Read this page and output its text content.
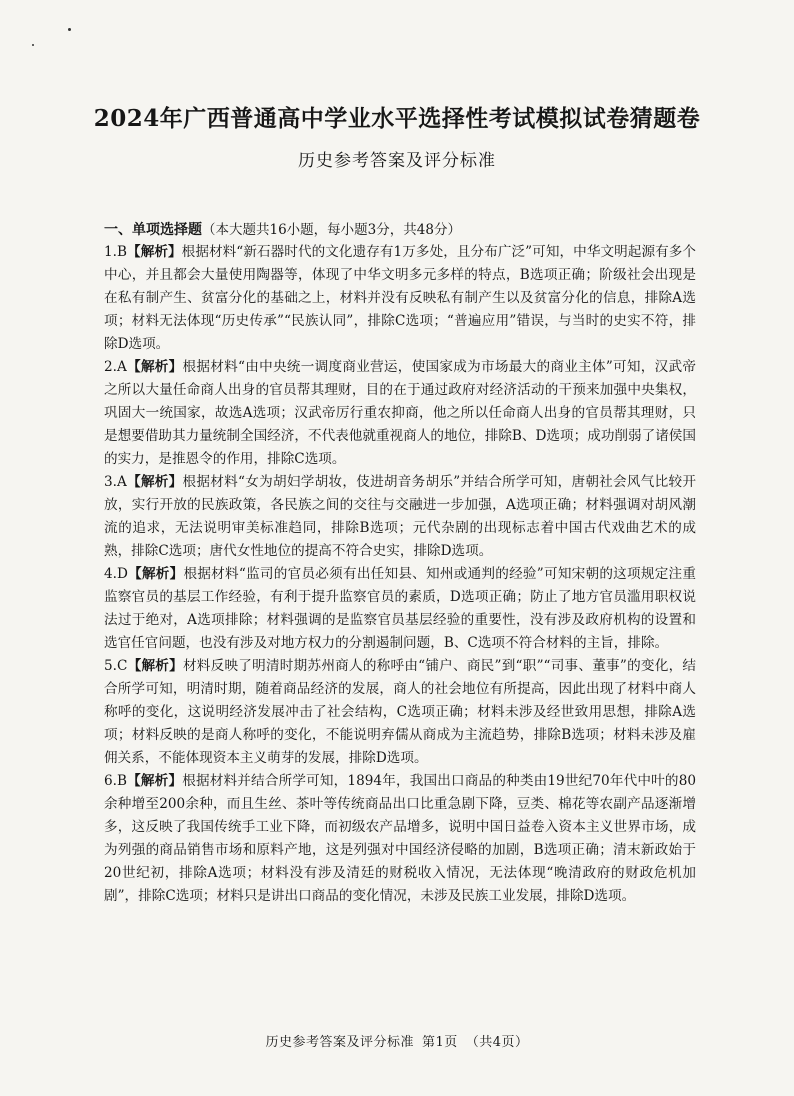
2024年广西普通高中学业水平选择性考试模拟试卷猜题卷
历史参考答案及评分标准
一、单项选择题（本大题共16小题，每小题3分，共48分）

1.B【解析】根据材料“新石器时代的文化遗存有1万多处，且分布广泛”可知，中华文明起源有多个中心，并且都会大量使用陶器等，体现了中华文明多元多样的特点，B选项正确；阶级社会出现是在私有制产生、贫富分化的基础之上，材料并没有反映私有制产生以及贫富分化的信息，排除A选项；材料无法体现“历史传承”“民族认同”，排除C选项；“普遍应用”错误，与当时的史实不符，排除D选项。

2.A【解析】根据材料“由中央统一调度商业营运，使国家成为市场最大的商业主体”可知，汉武帝之所以大量任命商人出身的官员帮其理财，目的在于通过政府对经济活动的干预来加强中央集权，巩固大一统国家，故选A选项；汉武帝厉行重农抑商，他之所以任命商人出身的官员帮其理财，只是想要借助其力量统制全国经济，不代表他就重视商人的地位，排除B、D选项；成功削弱了诸侯国的实力，是推恩令的作用，排除C选项。

3.A【解析】根据材料“女为胡妇学胡妆，伎进胡音务胡乐”并结合所学可知，唐朝社会风气比较开放，实行开放的民族政策，各民族之间的交往与交融进一步加强，A选项正确；材料强调对胡风潮流的追求，无法说明审美标准趋同，排除B选项；元代杂剧的出现标志着中国古代戏曲艺术的成熟，排除C选项；唐代女性地位的提高不符合史实，排除D选项。

4.D【解析】根据材料“监司的官员必须有出任知县、知州或通判的经验”可知宋朝的这项规定注重监察官员的基层工作经验，有利于提升监察官员的素质，D选项正确；防止了地方官员滥用职权说法过于绝对，A选项排除；材料强调的是监察官员基层经验的重要性，没有涉及政府机构的设置和选官任官问题，也没有涉及对地方权力的分割遏制问题，B、C选项不符合材料的主旨，排除。

5.C【解析】材料反映了明清时期苏州商人的称呼由“铺户、商民”到“职”“司事、董事”的变化，结合所学可知，明清时期，随着商品经济的发展，商人的社会地位有所提高，因此出现了材料中商人称呼的变化，这说明经济发展冲击了社会结构，C选项正确；材料未涉及经世致用思想，排除A选项；材料反映的是商人称呼的变化，不能说明弃儒从商成为主流趋势，排除B选项；材料未涉及雇佣关系，不能体现资本主义萌芽的发展，排除D选项。

6.B【解析】根据材料并结合所学可知，1894年，我国出口商品的种类由19世纪70年代中叶的80余种增至200余种，而且生丝、茶叶等传统商品出口比重急剧下降，豆类、棉花等农副产品逐渐增多，这反映了我国传统手工业下降，而初级农产品增多，说明中国日益卷入资本主义世界市场，成为列强的商品销售市场和原料产地，这是列强对中国经济侵略的加剧，B选项正确；清末新政始于20世纪初，排除A选项；材料没有涉及清廷的财税收入情况，无法体现“晚清政府的财政危机加剧”，排除C选项；材料只是讲出口商品的变化情况，未涉及民族工业发展，排除D选项。

历史参考答案及评分标准 第1页 （共4页）
